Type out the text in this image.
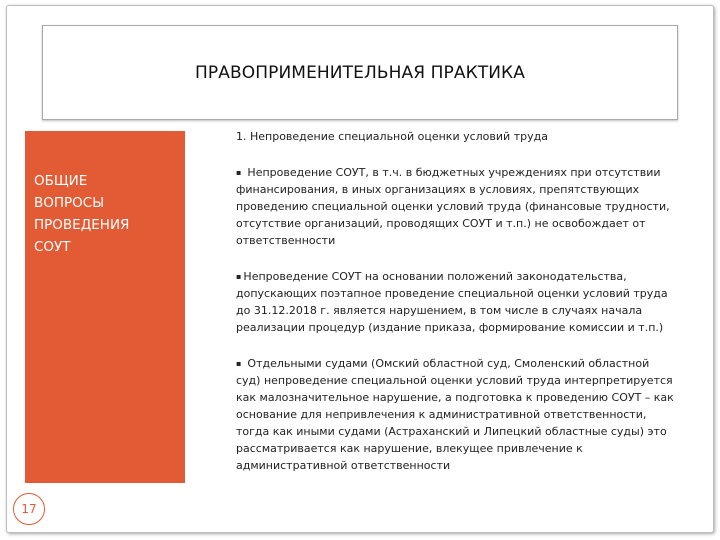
ПРАВОПРИМЕНИТЕЛЬНАЯ ПРАКТИКА
ОБЩИЕ
ВОПРОСЫ
ПРОВЕДЕНИЯ
СОУТ
17
1. Непроведение специальной оценки условий труда
▪ Непроведение СОУТ, в т.ч. в бюджетных учреждениях при отсутствии финансирования, в иных организациях в условиях, препятствующих проведению специальной оценки условий труда (финансовые трудности, отсутствие организаций, проводящих СОУТ и т.п.) не освобождает от ответственности
▪ Непроведение СОУТ на основании положений законодательства, допускающих поэтапное проведение специальной оценки условий труда до 31.12.2018 г. является нарушением, в том числе в случаях начала реализации процедур (издание приказа, формирование комиссии и т.п.)
▪ Отдельными судами (Омский областной суд, Смоленский областной суд) непроведение специальной оценки условий труда интерпретируется как малозначительное нарушение, а подготовка к проведению СОУТ – как основание для непривлечения к административной ответственности, тогда как иными судами (Астраханский и Липецкий областные суды) это рассматривается как нарушение, влекущее привлечение к административной ответственности
